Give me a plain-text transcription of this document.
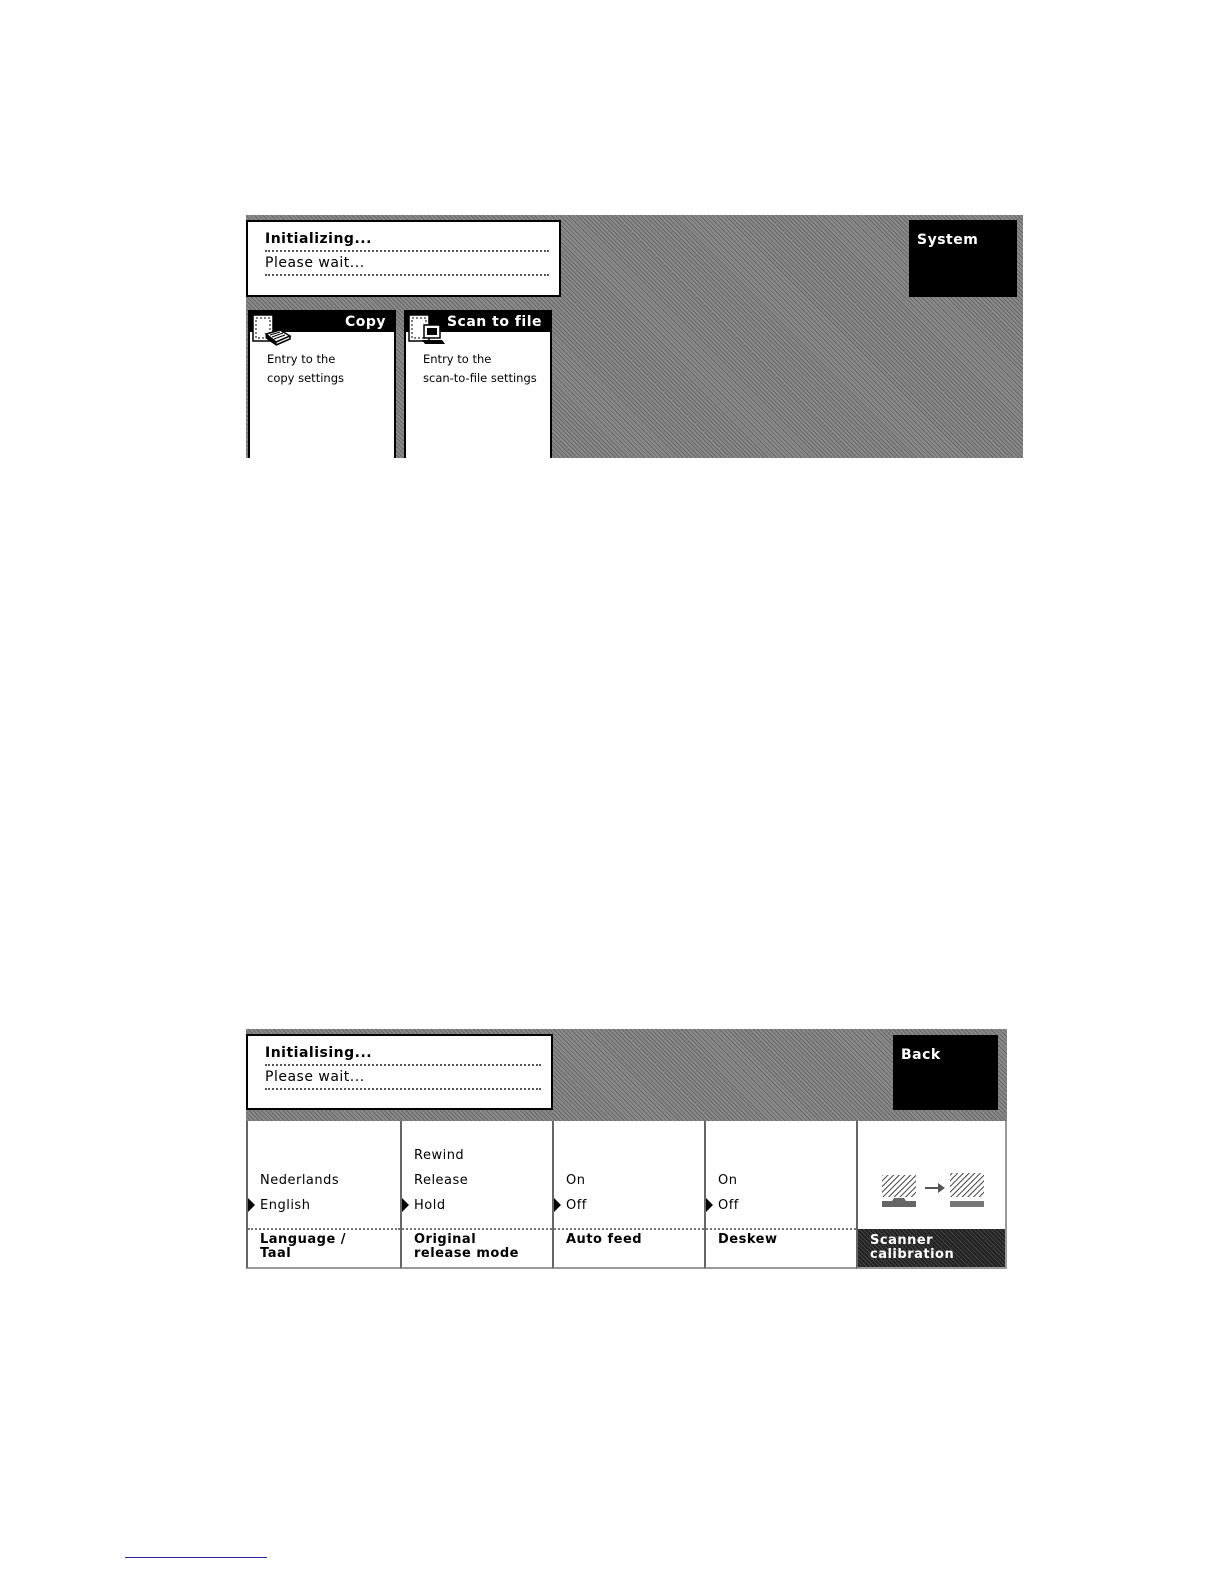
Initializing...
Please wait...
System
Copy
Entry to the
copy settings
Scan to file
Entry to the
scan-to-file settings
Initialising...
Please wait...
Back
Nederlands
English
Language /
Taal
Rewind
Release
Hold
Original
release mode
On
Off
Auto feed
On
Off
Deskew	Scanner
calibration
